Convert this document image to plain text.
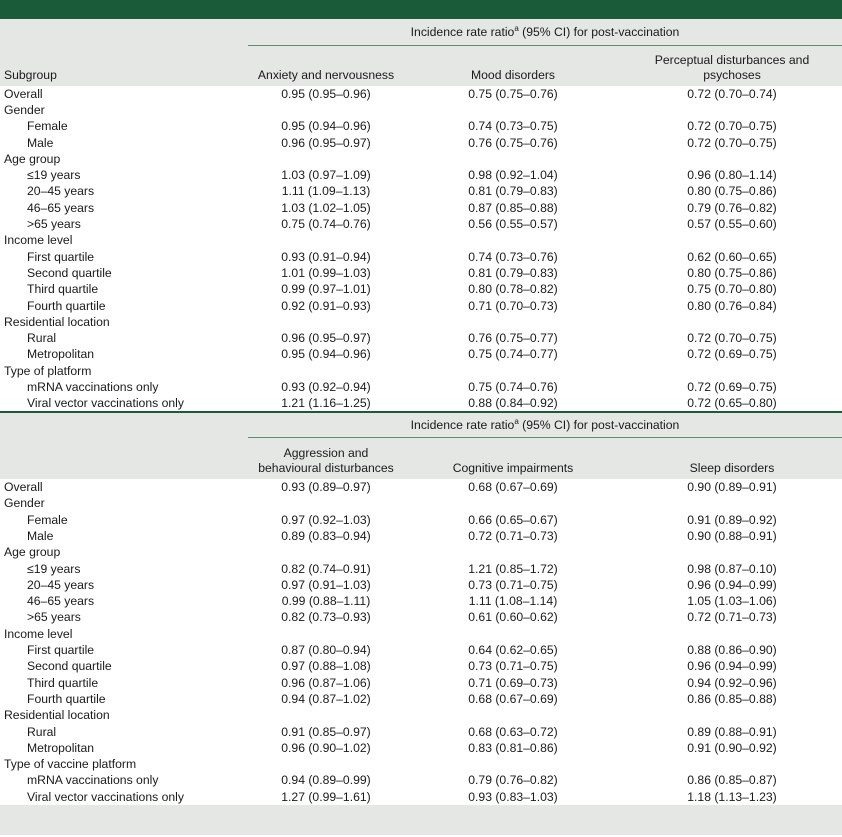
	Incidence rate ratio$^a$ (95% CI) for post-vaccination		
Subgroup	Anxiety and nervousness	Mood disorders	Perceptual disturbances and psychoses
Overall	0.95 (0.95–0.96)	0.75 (0.75–0.76)	0.72 (0.70–0.74)
Gender			
Female	0.95 (0.94–0.96)	0.74 (0.73–0.75)	0.72 (0.70–0.75)
Male	0.96 (0.95–0.97)	0.76 (0.75–0.76)	0.72 (0.70–0.75)
Age group			
≤19 years	1.03 (0.97–1.09)	0.98 (0.92–1.04)	0.96 (0.80–1.14)
20–45 years	1.11 (1.09–1.13)	0.81 (0.79–0.83)	0.80 (0.75–0.86)
46–65 years	1.03 (1.02–1.05)	0.87 (0.85–0.88)	0.79 (0.76–0.82)
>65 years	0.75 (0.74–0.76)	0.56 (0.55–0.57)	0.57 (0.55–0.60)
Income level			
First quartile	0.93 (0.91–0.94)	0.74 (0.73–0.76)	0.62 (0.60–0.65)
Second quartile	1.01 (0.99–1.03)	0.81 (0.79–0.83)	0.80 (0.75–0.86)
Third quartile	0.99 (0.97–1.01)	0.80 (0.78–0.82)	0.75 (0.70–0.80)
Fourth quartile	0.92 (0.91–0.93)	0.71 (0.70–0.73)	0.80 (0.76–0.84)
Residential location			
Rural	0.96 (0.95–0.97)	0.76 (0.75–0.77)	0.72 (0.70–0.75)
Metropolitan	0.95 (0.94–0.96)	0.75 (0.74–0.77)	0.72 (0.69–0.75)
Type of platform			
mRNA vaccinations only	0.93 (0.92–0.94)	0.75 (0.74–0.76)	0.72 (0.69–0.75)
Viral vector vaccinations only	1.21 (1.16–1.25)	0.88 (0.84–0.92)	0.72 (0.65–0.80)
	Incidence rate ratio$^a$ (95% CI) for post-vaccination		
	Aggression and behavioural disturbances	Cognitive impairments	Sleep disorders
Overall	0.93 (0.89–0.97)	0.68 (0.67–0.69)	0.90 (0.89–0.91)
Gender			
Female	0.97 (0.92–1.03)	0.66 (0.65–0.67)	0.91 (0.89–0.92)
Male	0.89 (0.83–0.94)	0.72 (0.71–0.73)	0.90 (0.88–0.91)
Age group			
≤19 years	0.82 (0.74–0.91)	1.21 (0.85–1.72)	0.98 (0.87–0.10)
20–45 years	0.97 (0.91–1.03)	0.73 (0.71–0.75)	0.96 (0.94–0.99)
46–65 years	0.99 (0.88–1.11)	1.11 (1.08–1.14)	1.05 (1.03–1.06)
>65 years	0.82 (0.73–0.93)	0.61 (0.60–0.62)	0.72 (0.71–0.73)
Income level			
First quartile	0.87 (0.80–0.94)	0.64 (0.62–0.65)	0.88 (0.86–0.90)
Second quartile	0.97 (0.88–1.08)	0.73 (0.71–0.75)	0.96 (0.94–0.99)
Third quartile	0.96 (0.87–1.06)	0.71 (0.69–0.73)	0.94 (0.92–0.96)
Fourth quartile	0.94 (0.87–1.02)	0.68 (0.67–0.69)	0.86 (0.85–0.88)
Residential location			
Rural	0.91 (0.85–0.97)	0.68 (0.63–0.72)	0.89 (0.88–0.91)
Metropolitan	0.96 (0.90–1.02)	0.83 (0.81–0.86)	0.91 (0.90–0.92)
Type of vaccine platform			
mRNA vaccinations only	0.94 (0.89–0.99)	0.79 (0.76–0.82)	0.86 (0.85–0.87)
Viral vector vaccinations only	1.27 (0.99–1.61)	0.93 (0.83–1.03)	1.18 (1.13–1.23)
